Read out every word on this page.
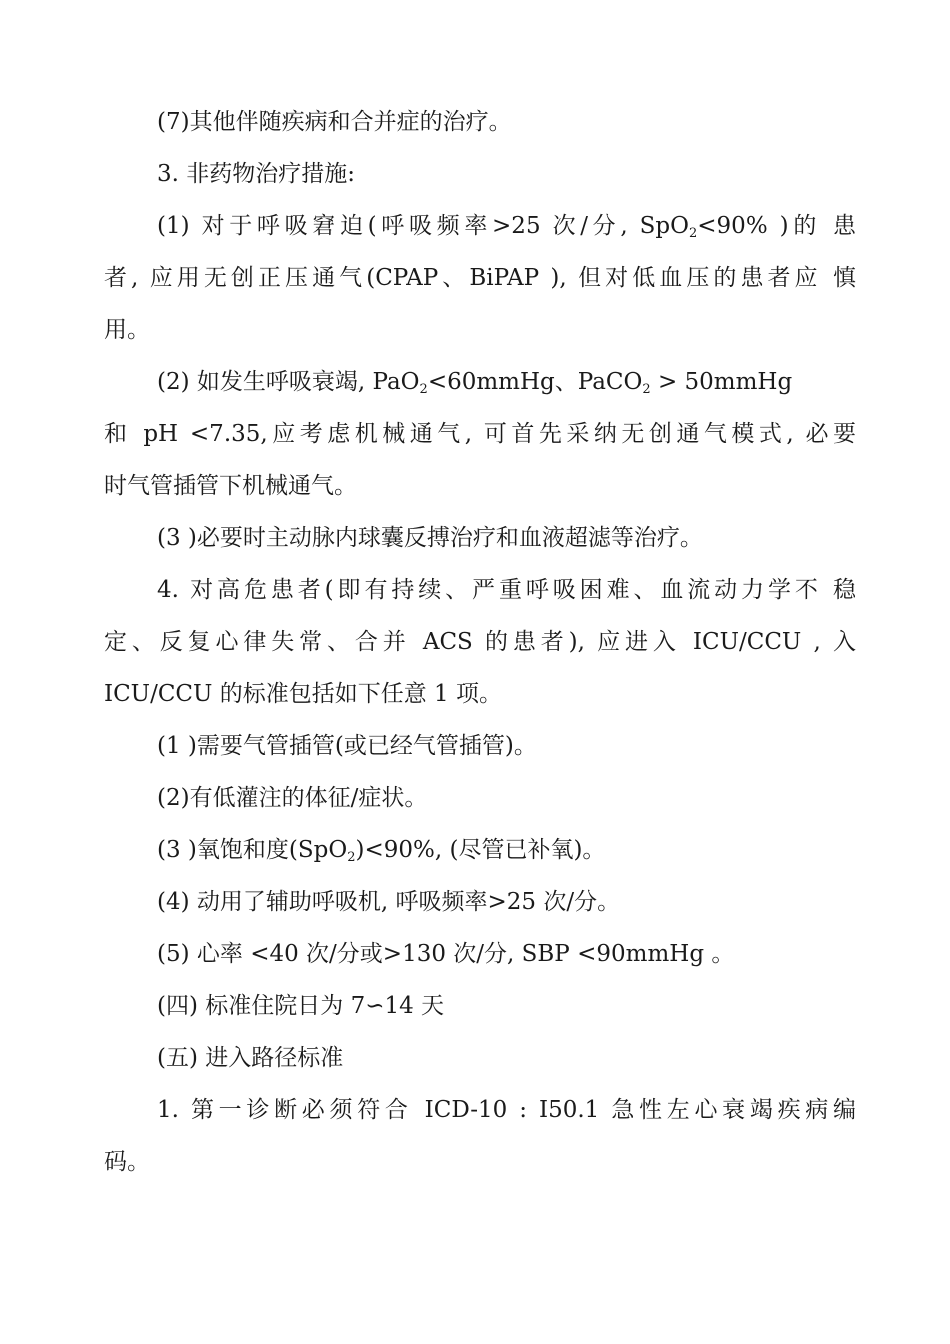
(7)其他伴随疾病和合并症的治疗。
3. 非药物治疗措施:
(1) 对于呼吸窘迫(呼吸频率>25 次/分, SpO$_2$<90% )的 患
者, 应用无创正压通气(CPAP、BiPAP ), 但对低血压的患者应 慎
用。
(2) 如发生呼吸衰竭, PaO$_2$<60mmHg、PaCO$_2$ > 50mmHg
和 pH <7.35,应考虑机械通气, 可首先采纳无创通气模式, 必要
时气管插管下机械通气。
(3 )必要时主动脉内球囊反搏治疗和血液超滤等治疗。
4. 对高危患者(即有持续、严重呼吸困难、血流动力学不 稳
定、反复心律失常、合并 ACS 的患者), 应进入 ICU/CCU , 入
ICU/CCU 的标准包括如下任意 1 项。
(1 )需要气管插管(或已经气管插管)。
(2)有低灌注的体征/症状。
(3 )氧饱和度(SpO$_2$)<90%, (尽管已补氧)。
(4) 动用了辅助呼吸机, 呼吸频率>25 次/分。
(5) 心率 <40 次/分或>130 次/分, SBP <90mmHg 。
(四) 标准住院日为 7∽14 天
(五) 进入路径标准
1. 第一诊断必须符合 ICD-10 : I50.1 急性左心衰竭疾病编
码。
